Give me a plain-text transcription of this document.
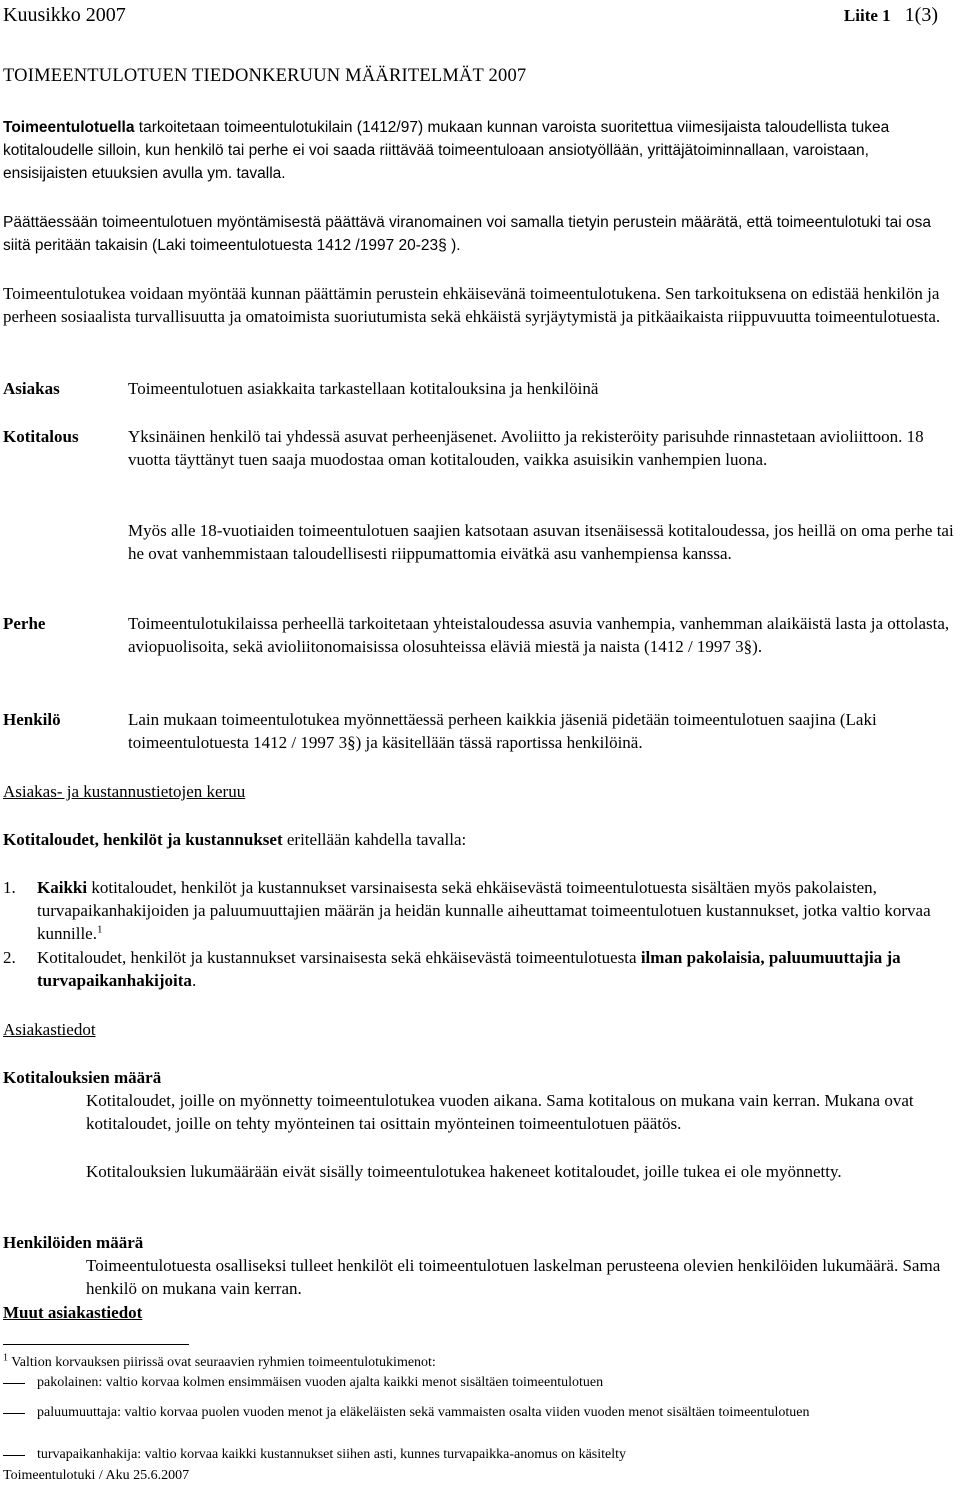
Kuusikko 2007	Liite 1 1(3)
TOIMEENTULOTUEN TIEDONKERUUN MÄÄRITELMÄT 2007

Toimeentulotuella tarkoitetaan toimeentulotukilain (1412/97) mukaan kunnan varoista suoritettua viimesijaista taloudellista tukea kotitaloudelle silloin, kun henkilö tai perhe ei voi saada riittävää toimeentuloaan ansiotyöllään, yrittäjätoiminnallaan, varoistaan, ensisijaisten etuuksien avulla ym. tavalla.

Päättäessään toimeentulotuen myöntämisestä päättävä viranomainen voi samalla tietyin perustein määrätä, että toimeentulotuki tai osa siitä peritään takaisin (Laki toimeentulotuesta 1412 /1997 20-23§ ).

Toimeentulotukea voidaan myöntää kunnan päättämin perustein ehkäisevänä toimeentulotukena. Sen tarkoituksena on edistää henkilön ja perheen sosiaalista turvallisuutta ja omatoimista suoriutumista sekä ehkäistä syrjäytymistä ja pitkäaikaista riippuvuutta toimeentulotuesta.

Asiakas	Toimeentulotuen asiakkaita tarkastellaan kotitalouksina ja henkilöinä

Kotitalous	Yksinäinen henkilö tai yhdessä asuvat perheenjäsenet. Avoliitto ja rekisteröity parisuhde rinnastetaan avioliittoon. 18 vuotta täyttänyt tuen saaja muodostaa oman kotitalouden, vaikka asuisikin vanhempien luona.

Myös alle 18-vuotiaiden toimeentulotuen saajien katsotaan asuvan itsenäisessä kotitaloudessa, jos heillä on oma perhe tai he ovat vanhemmistaan taloudellisesti riippumattomia eivätkä asu vanhempiensa kanssa.

Perhe	Toimeentulotukilaissa perheellä tarkoitetaan yhteistaloudessa asuvia vanhempia, vanhemman alaikäistä lasta ja ottolasta, aviopuolisoita, sekä avioliitonomaisissa olosuhteissa eläviä miestä ja naista (1412 / 1997 3§).

Henkilö	Lain mukaan toimeentulotukea myönnettäessä perheen kaikkia jäseniä pidetään toimeentulotuen saajina (Laki toimeentulotuesta 1412 / 1997 3§) ja käsitellään tässä raportissa henkilöinä.

Asiakas- ja kustannustietojen keruu

Kotitaloudet, henkilöt ja kustannukset eritellään kahdella tavalla:

1. Kaikki kotitaloudet, henkilöt ja kustannukset varsinaisesta sekä ehkäisevästä toimeentulotuesta sisältäen myös pakolaisten, turvapaikanhakijoiden ja paluumuuttajien määrän ja heidän kunnalle aiheuttamat toimeentulotuen kustannukset, jotka valtio korvaa kunnille.$^1$

2. Kotitaloudet, henkilöt ja kustannukset varsinaisesta sekä ehkäisevästä toimeentulotuesta ilman pakolaisia, paluumuuttajia ja turvapaikanhakijoita.

Asiakastiedot
Kotitalouksien määrä

Kotitaloudet, joille on myönnetty toimeentulotukea vuoden aikana. Sama kotitalous on mukana vain kerran. Mukana ovat kotitaloudet, joille on tehty myönteinen tai osittain myönteinen toimeentulotuen päätös.

Kotitalouksien lukumäärään eivät sisälly toimeentulotukea hakeneet kotitaloudet, joille tukea ei ole myönnetty.

Henkilöiden määrä

Toimeentulotuesta osalliseksi tulleet henkilöt eli toimeentulotuen laskelman perusteena olevien henkilöiden lukumäärä. Sama henkilö on mukana vain kerran.

Muut asiakastiedot

$^1$ Valtion korvauksen piirissä ovat seuraavien ryhmien toimeentulotukimenot:

pakolainen: valtio korvaa kolmen ensimmäisen vuoden ajalta kaikki menot sisältäen toimeentulotuen

paluumuuttaja: valtio korvaa puolen vuoden menot ja eläkeläisten sekä vammaisten osalta viiden vuoden menot sisältäen toimeentulotuen

turvapaikanhakija: valtio korvaa kaikki kustannukset siihen asti, kunnes turvapaikka-anomus on käsitelty

Toimeentulotuki / Aku 25.6.2007
